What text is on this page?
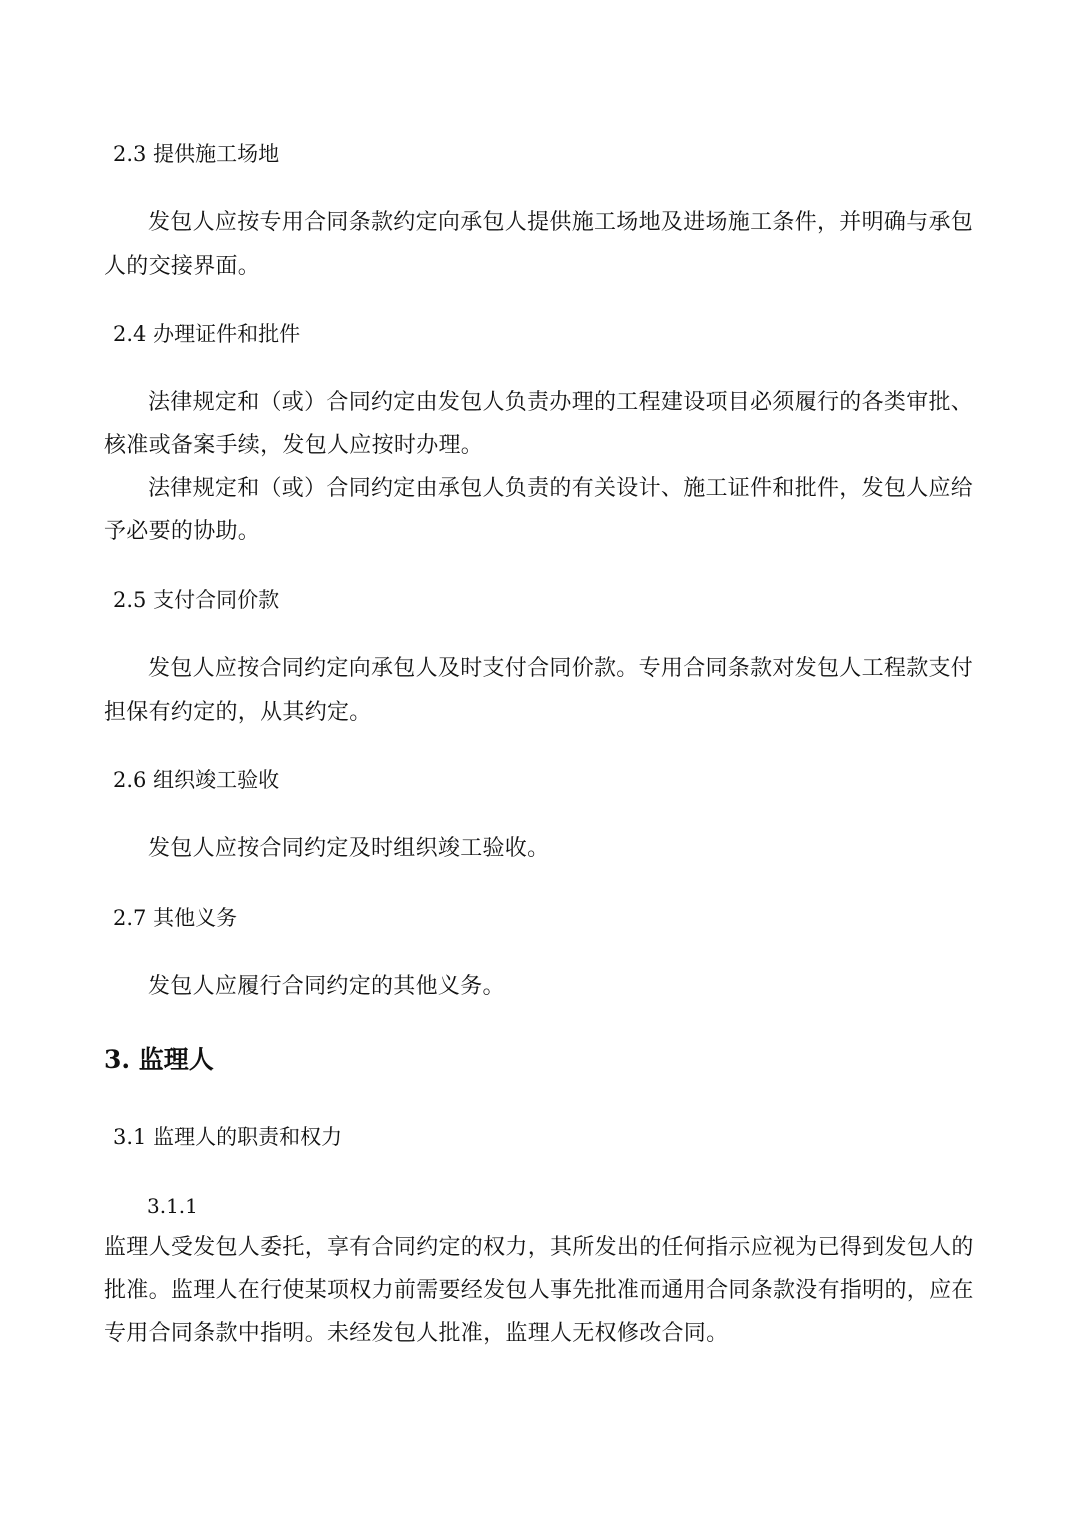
2.3 提供施工场地
发包人应按专用合同条款约定向承包人提供施工场地及进场施工条件，并明确与承包人的交接界面。
2.4 办理证件和批件
法律规定和（或）合同约定由发包人负责办理的工程建设项目必须履行的各类审批、核准或备案手续，发包人应按时办理。
法律规定和（或）合同约定由承包人负责的有关设计、施工证件和批件，发包人应给予必要的协助。
2.5 支付合同价款
发包人应按合同约定向承包人及时支付合同价款。专用合同条款对发包人工程款支付担保有约定的，从其约定。
2.6 组织竣工验收
发包人应按合同约定及时组织竣工验收。
2.7 其他义务
发包人应履行合同约定的其他义务。
3. 监理人
3.1 监理人的职责和权力
3.1.1
监理人受发包人委托，享有合同约定的权力，其所发出的任何指示应视为已得到发包人的批准。监理人在行使某项权力前需要经发包人事先批准而通用合同条款没有指明的，应在专用合同条款中指明。未经发包人批准，监理人无权修改合同。
